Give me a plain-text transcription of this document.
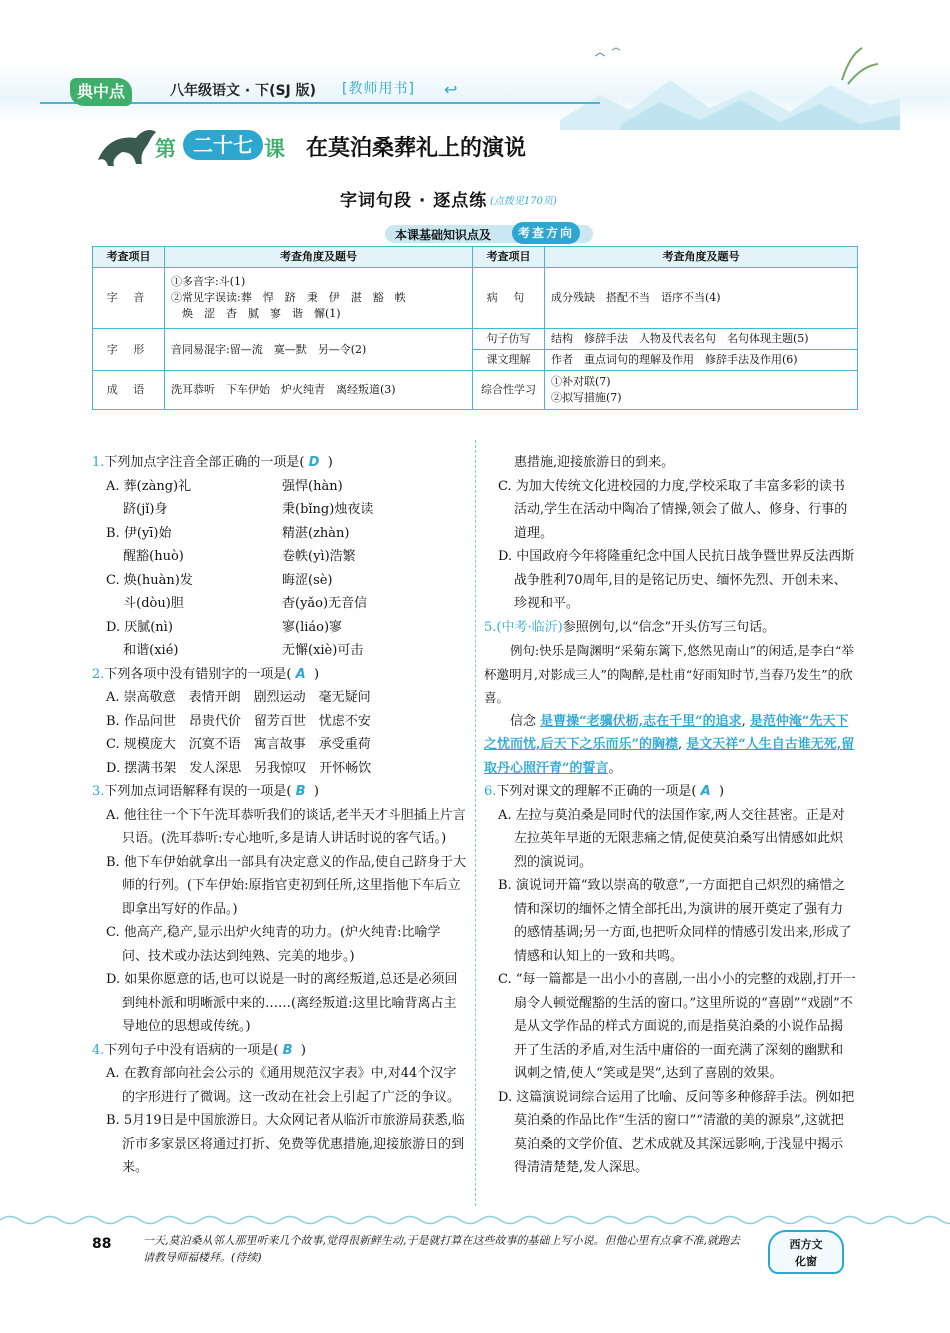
典中点	八年级语文 · 下(SJ 版) [教师用书] ↩
第 二十七 课 在莫泊桑葬礼上的演说
字词句段 · 逐点练 (点拨见170页)
本课基础知识点及	考查方向
考查项目	考查角度及题号	考查项目	考查角度及题号
字 音	①多音字:斗(1)
②常见字误读:葬　悍　跻　秉　伊　湛　豁　帙
　焕　涩　杳　腻　寥　谐　懈(1)	病 句	成分残缺　搭配不当　语序不当(4)
字 形	音同易混字:留—流　寞—默　另—令(2)	句子仿写	结构　修辞手法　人物及代表名句　名句体现主题(5)
		课文理解	作者　重点词句的理解及作用　修辞手法及作用(6)
成 语	洗耳恭听　下车伊始　炉火纯青　离经叛道(3)	综合性学习	①补对联(7)
②拟写措施(7)

1.下列加点字注音全部正确的一项是( D )

A. 葬(zàng)礼	强悍(hàn)
　 跻(jǐ)身	秉(bǐng)烛夜读
B. 伊(yī)始	精湛(zhàn)
　 醒豁(huò)	卷帙(yì)浩繁
C. 焕(huàn)发	晦涩(sè)
　 斗(dòu)胆	杳(yǎo)无音信
D. 厌腻(nì)	寥(liáo)寥
　 和谐(xié)	无懈(xiè)可击

2.下列各项中没有错别字的一项是( A )

A. 崇高敬意　表情开朗　剧烈运动　毫无疑问

B. 作品问世　昂贵代价　留芳百世　忧虑不安

C. 规模庞大　沉寞不语　寓言故事　承受重荷

D. 摆满书架　发人深思　另我惊叹　开怀畅饮

3.下列加点词语解释有误的一项是( B )

A. 他往往一个下午洗耳恭听我们的谈话,老半天才斗胆插上片言只语。(洗耳恭听:专心地听,多是请人讲话时说的客气话。)

B. 他下车伊始就拿出一部具有决定意义的作品,使自己跻身于大师的行列。(下车伊始:原指官吏初到任所,这里指他下车后立即拿出写好的作品。)

C. 他高产,稳产,显示出炉火纯青的功力。(炉火纯青:比喻学问、技术或办法达到纯熟、完美的地步。)

D. 如果你愿意的话,也可以说是一时的离经叛道,总还是必须回到纯朴派和明晰派中来的……(离经叛道:这里比喻背离占主导地位的思想或传统。)

4.下列句子中没有语病的一项是( B )

A. 在教育部向社会公示的《通用规范汉字表》中,对44个汉字的字形进行了微调。这一改动在社会上引起了广泛的争议。

B. 5月19日是中国旅游日。大众网记者从临沂市旅游局获悉,临沂市多家景区将通过打折、免费等优惠措施,迎接旅游日的到来。

惠措施,迎接旅游日的到来。

C. 为加大传统文化进校园的力度,学校采取了丰富多彩的读书活动,学生在活动中陶冶了情操,领会了做人、修身、行事的道理。

D. 中国政府今年将隆重纪念中国人民抗日战争暨世界反法西斯战争胜利70周年,目的是铭记历史、缅怀先烈、开创未来、珍视和平。

5.(中考·临沂)参照例句,以“信念”开头仿写三句话。

例句:快乐是陶渊明“采菊东篱下,悠然见南山”的闲适,是李白“举杯邀明月,对影成三人”的陶醉,是杜甫“好雨知时节,当春乃发生”的欣喜。

信念 是曹操“老骥伏枥,志在千里”的追求, 是范仲淹“先天下之忧而忧,后天下之乐而乐”的胸襟, 是文天祥“人生自古谁无死,留取丹心照汗青”的誓言。

6.下列对课文的理解不正确的一项是( A )

A. 左拉与莫泊桑是同时代的法国作家,两人交往甚密。正是对左拉英年早逝的无限悲痛之情,促使莫泊桑写出情感如此炽烈的演说词。

B. 演说词开篇“致以崇高的敬意”,一方面把自己炽烈的痛惜之情和深切的缅怀之情全部托出,为演讲的展开奠定了强有力的感情基调;另一方面,也把听众同样的情感引发出来,形成了情感和认知上的一致和共鸣。

C. “每一篇都是一出小小的喜剧,一出小小的完整的戏剧,打开一扇令人顿觉醒豁的生活的窗口。”这里所说的“喜剧”“戏剧”不是从文学作品的样式方面说的,而是指莫泊桑的小说作品揭开了生活的矛盾,对生活中庸俗的一面充满了深刻的幽默和讽刺之情,使人“笑或是哭”,达到了喜剧的效果。

D. 这篇演说词综合运用了比喻、反问等多种修辞手法。例如把莫泊桑的作品比作“生活的窗口”“清澈的美的源泉”,这就把莫泊桑的文学价值、艺术成就及其深远影响,于浅显中揭示得清清楚楚,发人深思。

88	一天,莫泊桑从邻人那里听来几个故事,觉得很新鲜生动,于是就打算在这些故事的基础上写小说。但他心里有点拿不准,就跑去请教导师福楼拜。(待续)
西方文
化窗
